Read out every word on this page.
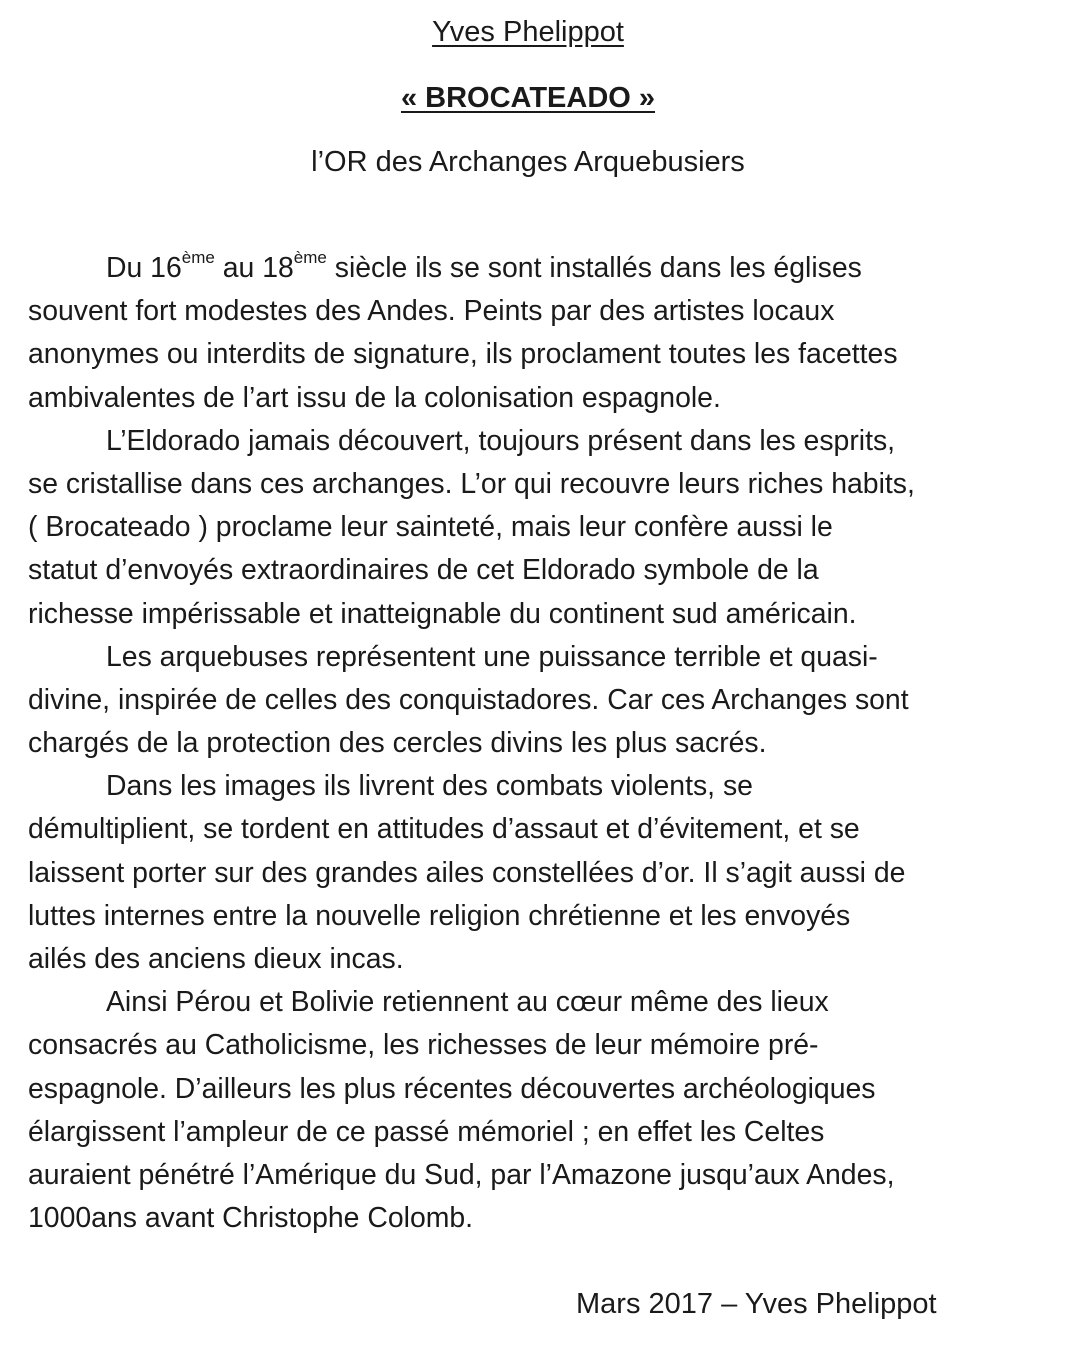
Yves Phelippot
« BROCATEADO »
l’OR des Archanges Arquebusiers
Du 16ème au 18ème siècle ils se sont installés dans les églises
souvent fort modestes des Andes. Peints par des artistes locaux
anonymes ou interdits de signature, ils proclament toutes les facettes
ambivalentes de l’art issu de la colonisation espagnole.
L’Eldorado jamais découvert, toujours présent dans les esprits,
se cristallise dans ces archanges. L’or qui recouvre leurs riches habits,
( Brocateado ) proclame leur sainteté, mais leur confère aussi le
statut d’envoyés extraordinaires de cet Eldorado symbole de la
richesse impérissable et inatteignable du continent sud américain.
Les arquebuses représentent une puissance terrible et quasi-
divine, inspirée de celles des conquistadores. Car ces Archanges sont
chargés de la protection des cercles divins les plus sacrés.
Dans les images ils livrent des combats violents, se
démultiplient, se tordent en attitudes d’assaut et d’évitement, et se
laissent porter sur des grandes ailes constellées d’or. Il s’agit aussi de
luttes internes entre la nouvelle religion chrétienne et les envoyés
ailés des anciens dieux incas.
Ainsi Pérou et Bolivie retiennent au cœur même des lieux
consacrés au Catholicisme, les richesses de leur mémoire pré-
espagnole. D’ailleurs les plus récentes découvertes archéologiques
élargissent l’ampleur de ce passé mémoriel ; en effet les Celtes
auraient pénétré l’Amérique du Sud, par l’Amazone jusqu’aux Andes,
1000ans avant Christophe Colomb.
Mars 2017 – Yves Phelippot
